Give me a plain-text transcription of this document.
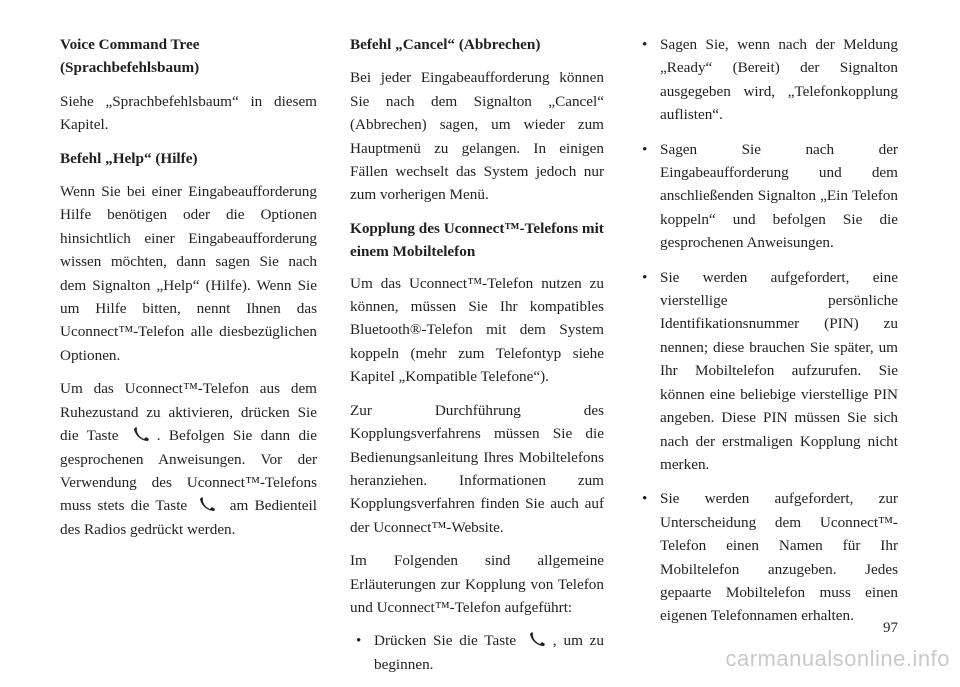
Voice Command Tree (Sprachbefehlsbaum)

Siehe „Sprachbefehlsbaum“ in diesem Kapitel.

Befehl „Help“ (Hilfe)

Wenn Sie bei einer Eingabeaufforderung Hilfe benötigen oder die Optionen hinsichtlich einer Eingabeaufforderung wissen möchten, dann sagen Sie nach dem Signalton „Help“ (Hilfe). Wenn Sie um Hilfe bitten, nennt Ihnen das Uconnect™-Telefon alle diesbezüglichen Optionen.

Um das Uconnect™-Telefon aus dem Ruhezustand zu aktivieren, drücken Sie die Taste	. Befolgen Sie dann die gesprochenen Anweisungen. Vor der Verwendung des Uconnect™-Telefons muss stets die Taste	am Bedienteil des Radios gedrückt werden.

Befehl „Cancel“ (Abbrechen)

Bei jeder Eingabeaufforderung können Sie nach dem Signalton „Cancel“ (Abbrechen) sagen, um wieder zum Hauptmenü zu gelangen. In einigen Fällen wechselt das System jedoch nur zum vorherigen Menü.

Kopplung des Uconnect™-Telefons mit einem Mobiltelefon

Um das Uconnect™-Telefon nutzen zu können, müssen Sie Ihr kompatibles Bluetooth®-Telefon mit dem System koppeln (mehr zum Telefontyp siehe Kapitel „Kompatible Telefone“).

Zur Durchführung des Kopplungsverfahrens müssen Sie die Bedienungsanleitung Ihres Mobiltelefons heranziehen. Informationen zum Kopplungsverfahren finden Sie auch auf der Uconnect™-Website.

Im Folgenden sind allgemeine Erläuterungen zur Kopplung von Telefon und Uconnect™-Telefon aufgeführt:

• Drücken Sie die Taste , um zu beginnen.
• Sagen Sie, wenn nach der Meldung „Ready“ (Bereit) der Signalton ausgegeben wird, „Telefonkopplung auflisten“.
• Sagen Sie nach der Eingabeaufforderung und dem anschließenden Signalton „Ein Telefon koppeln“ und befolgen Sie die gesprochenen Anweisungen.
• Sie werden aufgefordert, eine vierstellige persönliche Identifikationsnummer (PIN) zu nennen; diese brauchen Sie später, um Ihr Mobiltelefon aufzurufen. Sie können eine beliebige vierstellige PIN angeben. Diese PIN müssen Sie sich nach der erstmaligen Kopplung nicht merken.
• Sie werden aufgefordert, zur Unterscheidung dem Uconnect™-Telefon einen Namen für Ihr Mobiltelefon anzugeben. Jedes gepaarte Mobiltelefon muss einen eigenen Telefonnamen erhalten.
97
carmanualsonline.info
